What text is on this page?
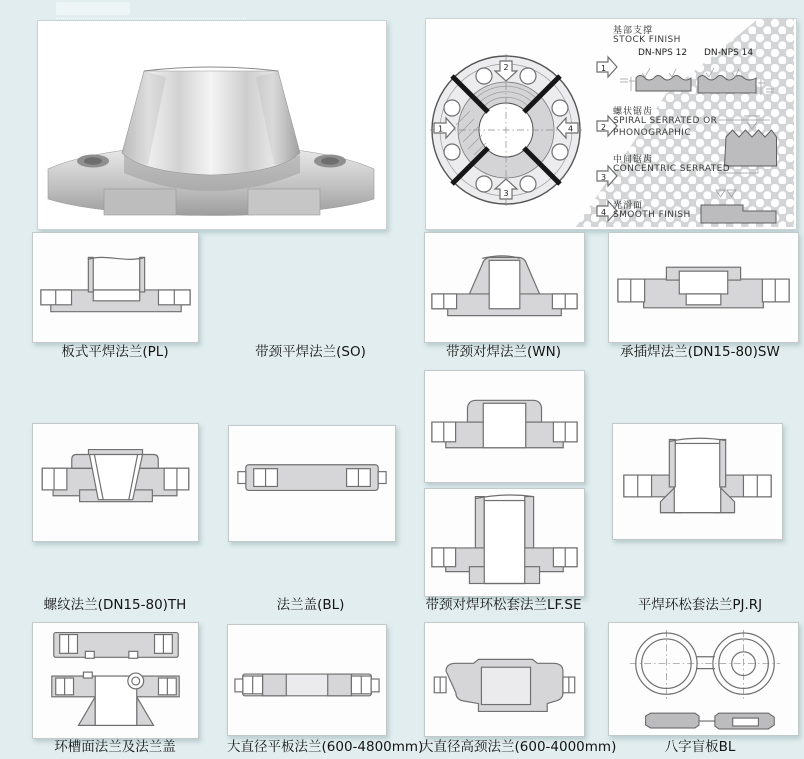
1
2
3
4
1
2
3
4
DN-NPS 12 DN-NPS 14
基部支撑
STOCK FINISH
螺状锯齿
SPIRAL SERRATED OR
PHONOGRAPHIC
中间锯齿
CONCENTRIC SERRATED
光滑面
SMOOTH FINISH
板式平焊法兰(PL)	带颈平焊法兰(SO)	带颈对焊法兰(WN)	承插焊法兰(DN15-80)SW
螺纹法兰(DN15-80)TH	法兰盖(BL)	带颈对焊环松套法兰LF.SE	平焊环松套法兰PJ.RJ
环槽面法兰及法兰盖	大直径平板法兰(600-4800mm)
大直径高颈法兰(600-4000mm)	八字盲板BL
